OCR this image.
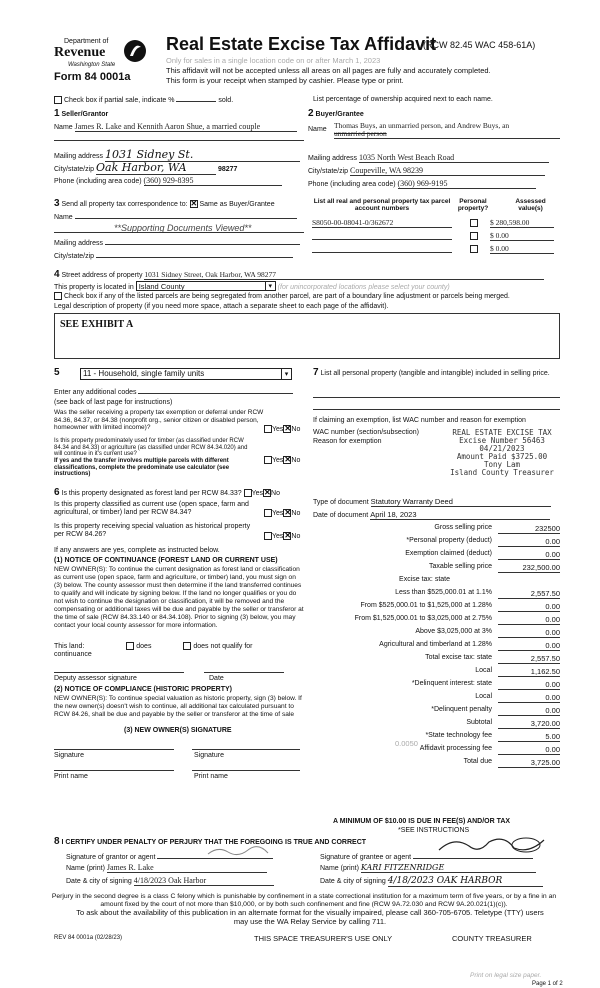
Department of
Revenue
Washington State
Form 84 0001a
Real Estate Excise Tax Affidavit
(RCW 82.45 WAC 458-61A)
Only for sales in a single location code on or after March 1, 2023
This affidavit will not be accepted unless all areas on all pages are fully and accurately completed.
This form is your receipt when stamped by cashier. Please type or print.
Check box if partial sale, indicate %	sold.	List percentage of ownership acquired next to each name.
1 Seller/Grantor
Name James R. Lake and Kennith Aaron Shue, a married couple
Mailing address 1031 Sidney St.
City/state/zip Oak Harbor, WA	98277
Phone (including area code) (360) 929-8395
2 Buyer/Grantee
Name Thomas Buys, an unmarried person, and Andrew Buys, an
unmarried person
Mailing address 1035 North West Beach Road
City/state/zip Coupeville, WA 98239
Phone (including area code) (360) 969-9195
3 Send all property tax correspondence to: ✕ Same as Buyer/Grantee
Name
**Supporting Documents Viewed**
Mailing address
City/state/zip
List all real and personal property tax parcel account numbers
Personal property?
Assessed value(s)
S8050-00-08041-0/362672	$ 280,598.00
$ 0.00
$ 0.00
4 Street address of property 1031 Sidney Street, Oak Harbor, WA 98277
This property is located in Island County	▾ (for unincorporated locations please select your county)
Check box if any of the listed parcels are being segregated from another parcel, are part of a boundary line adjustment or parcels being merged.
Legal description of property (if you need more space, attach a separate sheet to each page of the affidavit).
SEE EXHIBIT A
5	11 - Household, single family units	▾
Enter any additional codes
(see back of last page for instructions)
Was the seller receiving a property tax exemption or deferral under RCW 84.36, 84.37, or 84.38 (nonprofit org., senior citizen or disabled person, homeowner with limited income)?	Yes ✕ No
Is this property predominately used for timber (as classified under RCW 84.34 and 84.33) or agriculture (as classified under RCW 84.34.020) and will continue in it's current use?
If yes and the transfer involves multiple parcels with different classifications, complete the predominate use calculator (see instructions)
Yes ✕ No
6 Is this property designated as forest land per RCW 84.33? Yes ✕ No
Is this property classified as current use (open space, farm and agricultural, or timber) land per RCW 84.34?	Yes ✕ No
Is this property receiving special valuation as historical property per RCW 84.26?	Yes ✕ No
If any answers are yes, complete as instructed below.
(1) NOTICE OF CONTINUANCE (FOREST LAND OR CURRENT USE)
NEW OWNER(S): To continue the current designation as forest land or classification as current use (open space, farm and agriculture, or timber) land, you must sign on (3) below. The county assessor must then determine if the land transferred continues to qualify and will indicate by signing below. If the land no longer qualifies or you do not wish to continue the designation or classification, it will be removed and the compensating or additional taxes will be due and payable by the seller or transferor at the time of sale (RCW 84.33.140 or 84.34.108). Prior to signing (3) below, you may contact your local county assessor for more information.
This land:	does	does not qualify for
continuance
Deputy assessor signature	Date
(2) NOTICE OF COMPLIANCE (HISTORIC PROPERTY)
NEW OWNER(S): To continue special valuation as historic property, sign (3) below. If the new owner(s) doesn't wish to continue, all additional tax calculated pursuant to RCW 84.26, shall be due and payable by the seller or transferor at the time of sale
(3) NEW OWNER(S) SIGNATURE
Signature	Signature
Print name	Print name
7 List all personal property (tangible and intangible) included in selling price.
If claiming an exemption, list WAC number and reason for exemption
WAC number (section/subsection)
Reason for exemption
REAL ESTATE EXCISE TAX
Excise Number 56463
04/21/2023
Amount Paid $3725.00
Tony Lam
Island County Treasurer
Type of document Statutory Warranty Deed
Date of document April 18, 2023
Gross selling price	232500
*Personal property (deduct)	0.00
Exemption claimed (deduct)	0.00
Taxable selling price	232,500.00
Excise tax: state
Less than $525,000.01 at 1.1%	2,557.50
From $525,000.01 to $1,525,000 at 1.28%	0.00
From $1,525,000.01 to $3,025,000 at 2.75%	0.00
Above $3,025,000 at 3%	0.00
Agricultural and timberland at 1.28%	0.00
Total excise tax: state	2,557.50
Local	1,162.50
*Delinquent interest: state	0.00
Local	0.00
*Delinquent penalty	0.00
Subtotal	3,720.00
*State technology fee	5.00
Affidavit processing fee	0.00
Total due	3,725.00
0.0050
A MINIMUM OF $10.00 IS DUE IN FEE(S) AND/OR TAX
*SEE INSTRUCTIONS
8 I CERTIFY UNDER PENALTY OF PERJURY THAT THE FOREGOING IS TRUE AND CORRECT
Signature of grantor or agent
Name (print) James R. Lake
Date & city of signing 4/18/2023 Oak Harbor
Signature of grantee or agent
Name (print) KARI FITZENRIDGE
Date & city of signing 4/18/2023 OAK HARBOR
Perjury in the second degree is a class C felony which is punishable by confinement in a state correctional institution for a maximum term of five years, or by a fine in an amount fixed by the court of not more than $10,000, or by both such confinement and fine (RCW 9A.72.030 and RCW 9A.20.021(1)(c)).
To ask about the availability of this publication in an alternate format for the visually impaired, please call 360-705-6705. Teletype (TTY) users may use the WA Relay Service by calling 711.
REV 84 0001a (02/28/23)	THIS SPACE TREASURER'S USE ONLY	COUNTY TREASURER
Print on legal size paper.
Page 1 of 2
